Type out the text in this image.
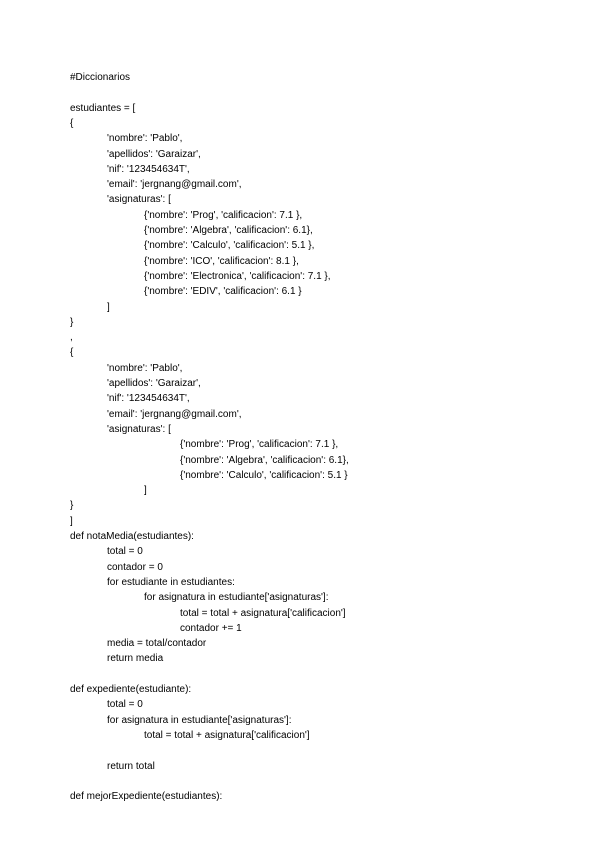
#Diccionarios
estudiantes = [
{
'nombre': 'Pablo',
'apellidos': 'Garaizar',
'nif': '123454634T',
'email': 'jergnang@gmail.com',
'asignaturas': [
{'nombre': 'Prog', 'calificacion': 7.1 },
{'nombre': 'Algebra', 'calificacion': 6.1},
{'nombre': 'Calculo', 'calificacion': 5.1 },
{'nombre': 'ICO', 'calificacion': 8.1 },
{'nombre': 'Electronica', 'calificacion': 7.1 },
{'nombre': 'EDIV', 'calificacion': 6.1 }
]
}
,
{
'nombre': 'Pablo',
'apellidos': 'Garaizar',
'nif': '123454634T',
'email': 'jergnang@gmail.com',
'asignaturas': [
{'nombre': 'Prog', 'calificacion': 7.1 },
{'nombre': 'Algebra', 'calificacion': 6.1},
{'nombre': 'Calculo', 'calificacion': 5.1 }
]
}
]
def notaMedia(estudiantes):
total = 0
contador = 0
for estudiante in estudiantes:
for asignatura in estudiante['asignaturas']:
total = total + asignatura['calificacion']
contador += 1
media = total/contador
return media
def expediente(estudiante):
total = 0
for asignatura in estudiante['asignaturas']:
total = total + asignatura['calificacion']
return total
def mejorExpediente(estudiantes):
